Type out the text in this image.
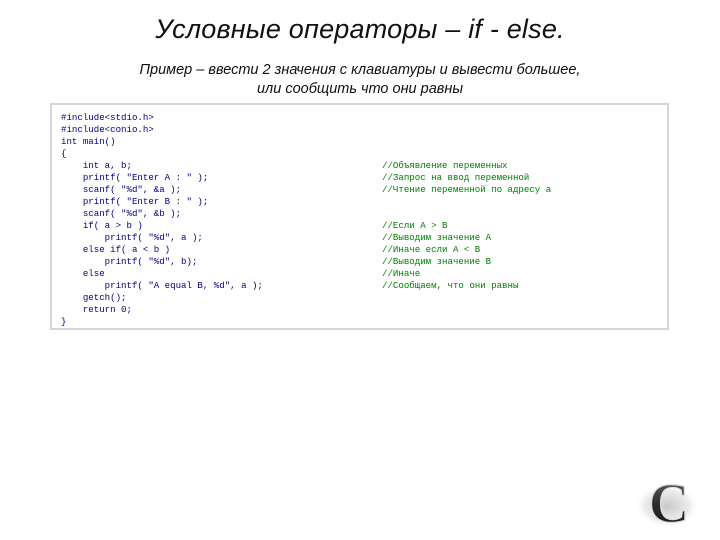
Условные операторы – if - else.
Пример – ввести 2 значения с клавиатуры и вывести большее,
или сообщить что они равны
#include<stdio.h>
#include<conio.h>
int main()
{
int a, b;	//Объявление переменных
printf( "Enter A : " );	//Запрос на ввод переменной
scanf( "%d", &a );	//Чтение переменной по адресу а
printf( "Enter B : " );
scanf( "%d", &b );
if( a > b )	//Если А > B
printf( "%d", a );	//Выводим значение А
else if( a < b )	//Иначе если А < B
printf( "%d", b);	//Выводим значение B
else	//Иначе
printf( "A equal B, %d", a );	//Сообщаем, что они равны
getch();
return 0;
}
C
